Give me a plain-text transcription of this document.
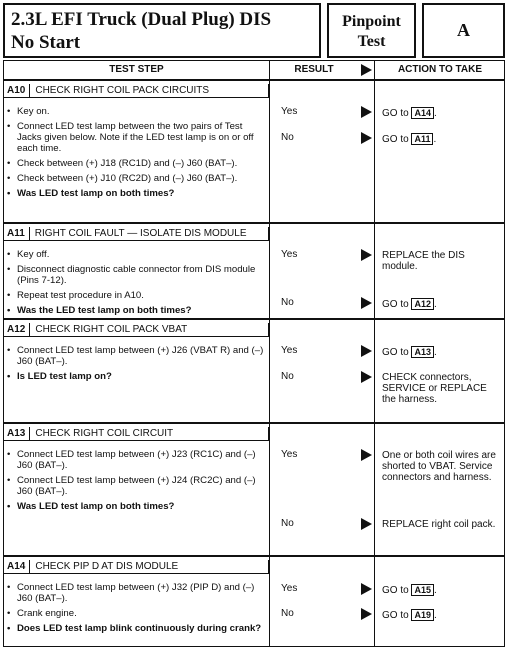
2.3L EFI Truck (Dual Plug) DIS
No Start
Pinpoint
Test
A
TEST STEP	RESULT	ACTION TO TAKE
A10 CHECK RIGHT COIL PACK CIRCUITS
• Key on.
• Connect LED test lamp between the two pairs of Test Jacks given below. Note if the LED test lamp is on or off each time.
• Check between (+) J18 (RC1D) and (–) J60 (BAT–).
• Check between (+) J10 (RC2D) and (–) J60 (BAT–).
• Was LED test lamp on both times?
Yes	GO to A14 .
No	GO to A11 .
A11 RIGHT COIL FAULT — ISOLATE DIS MODULE
• Key off.
• Disconnect diagnostic cable connector from DIS module (Pins 7-12).
• Repeat test procedure in A10.
• Was the LED test lamp on both times?
Yes	REPLACE the DIS module.
No	GO to A12 .
A12 CHECK RIGHT COIL PACK VBAT
• Connect LED test lamp between (+) J26 (VBAT R) and (–) J60 (BAT–).
• Is LED test lamp on?
Yes	GO to A13 .
No	CHECK connectors, SERVICE or REPLACE the harness.
A13 CHECK RIGHT COIL CIRCUIT
• Connect LED test lamp between (+) J23 (RC1C) and (–) J60 (BAT–).
• Connect LED test lamp between (+) J24 (RC2C) and (–) J60 (BAT–).
• Was LED test lamp on both times?
Yes	One or both coil wires are shorted to VBAT. Service connectors and harness.
No	REPLACE right coil pack.
A14 CHECK PIP D AT DIS MODULE
• Connect LED test lamp between (+) J32 (PIP D) and (–) J60 (BAT–).
• Crank engine.
• Does LED test lamp blink continuously during crank?
Yes	GO to A15 .
No	GO to A19 .
